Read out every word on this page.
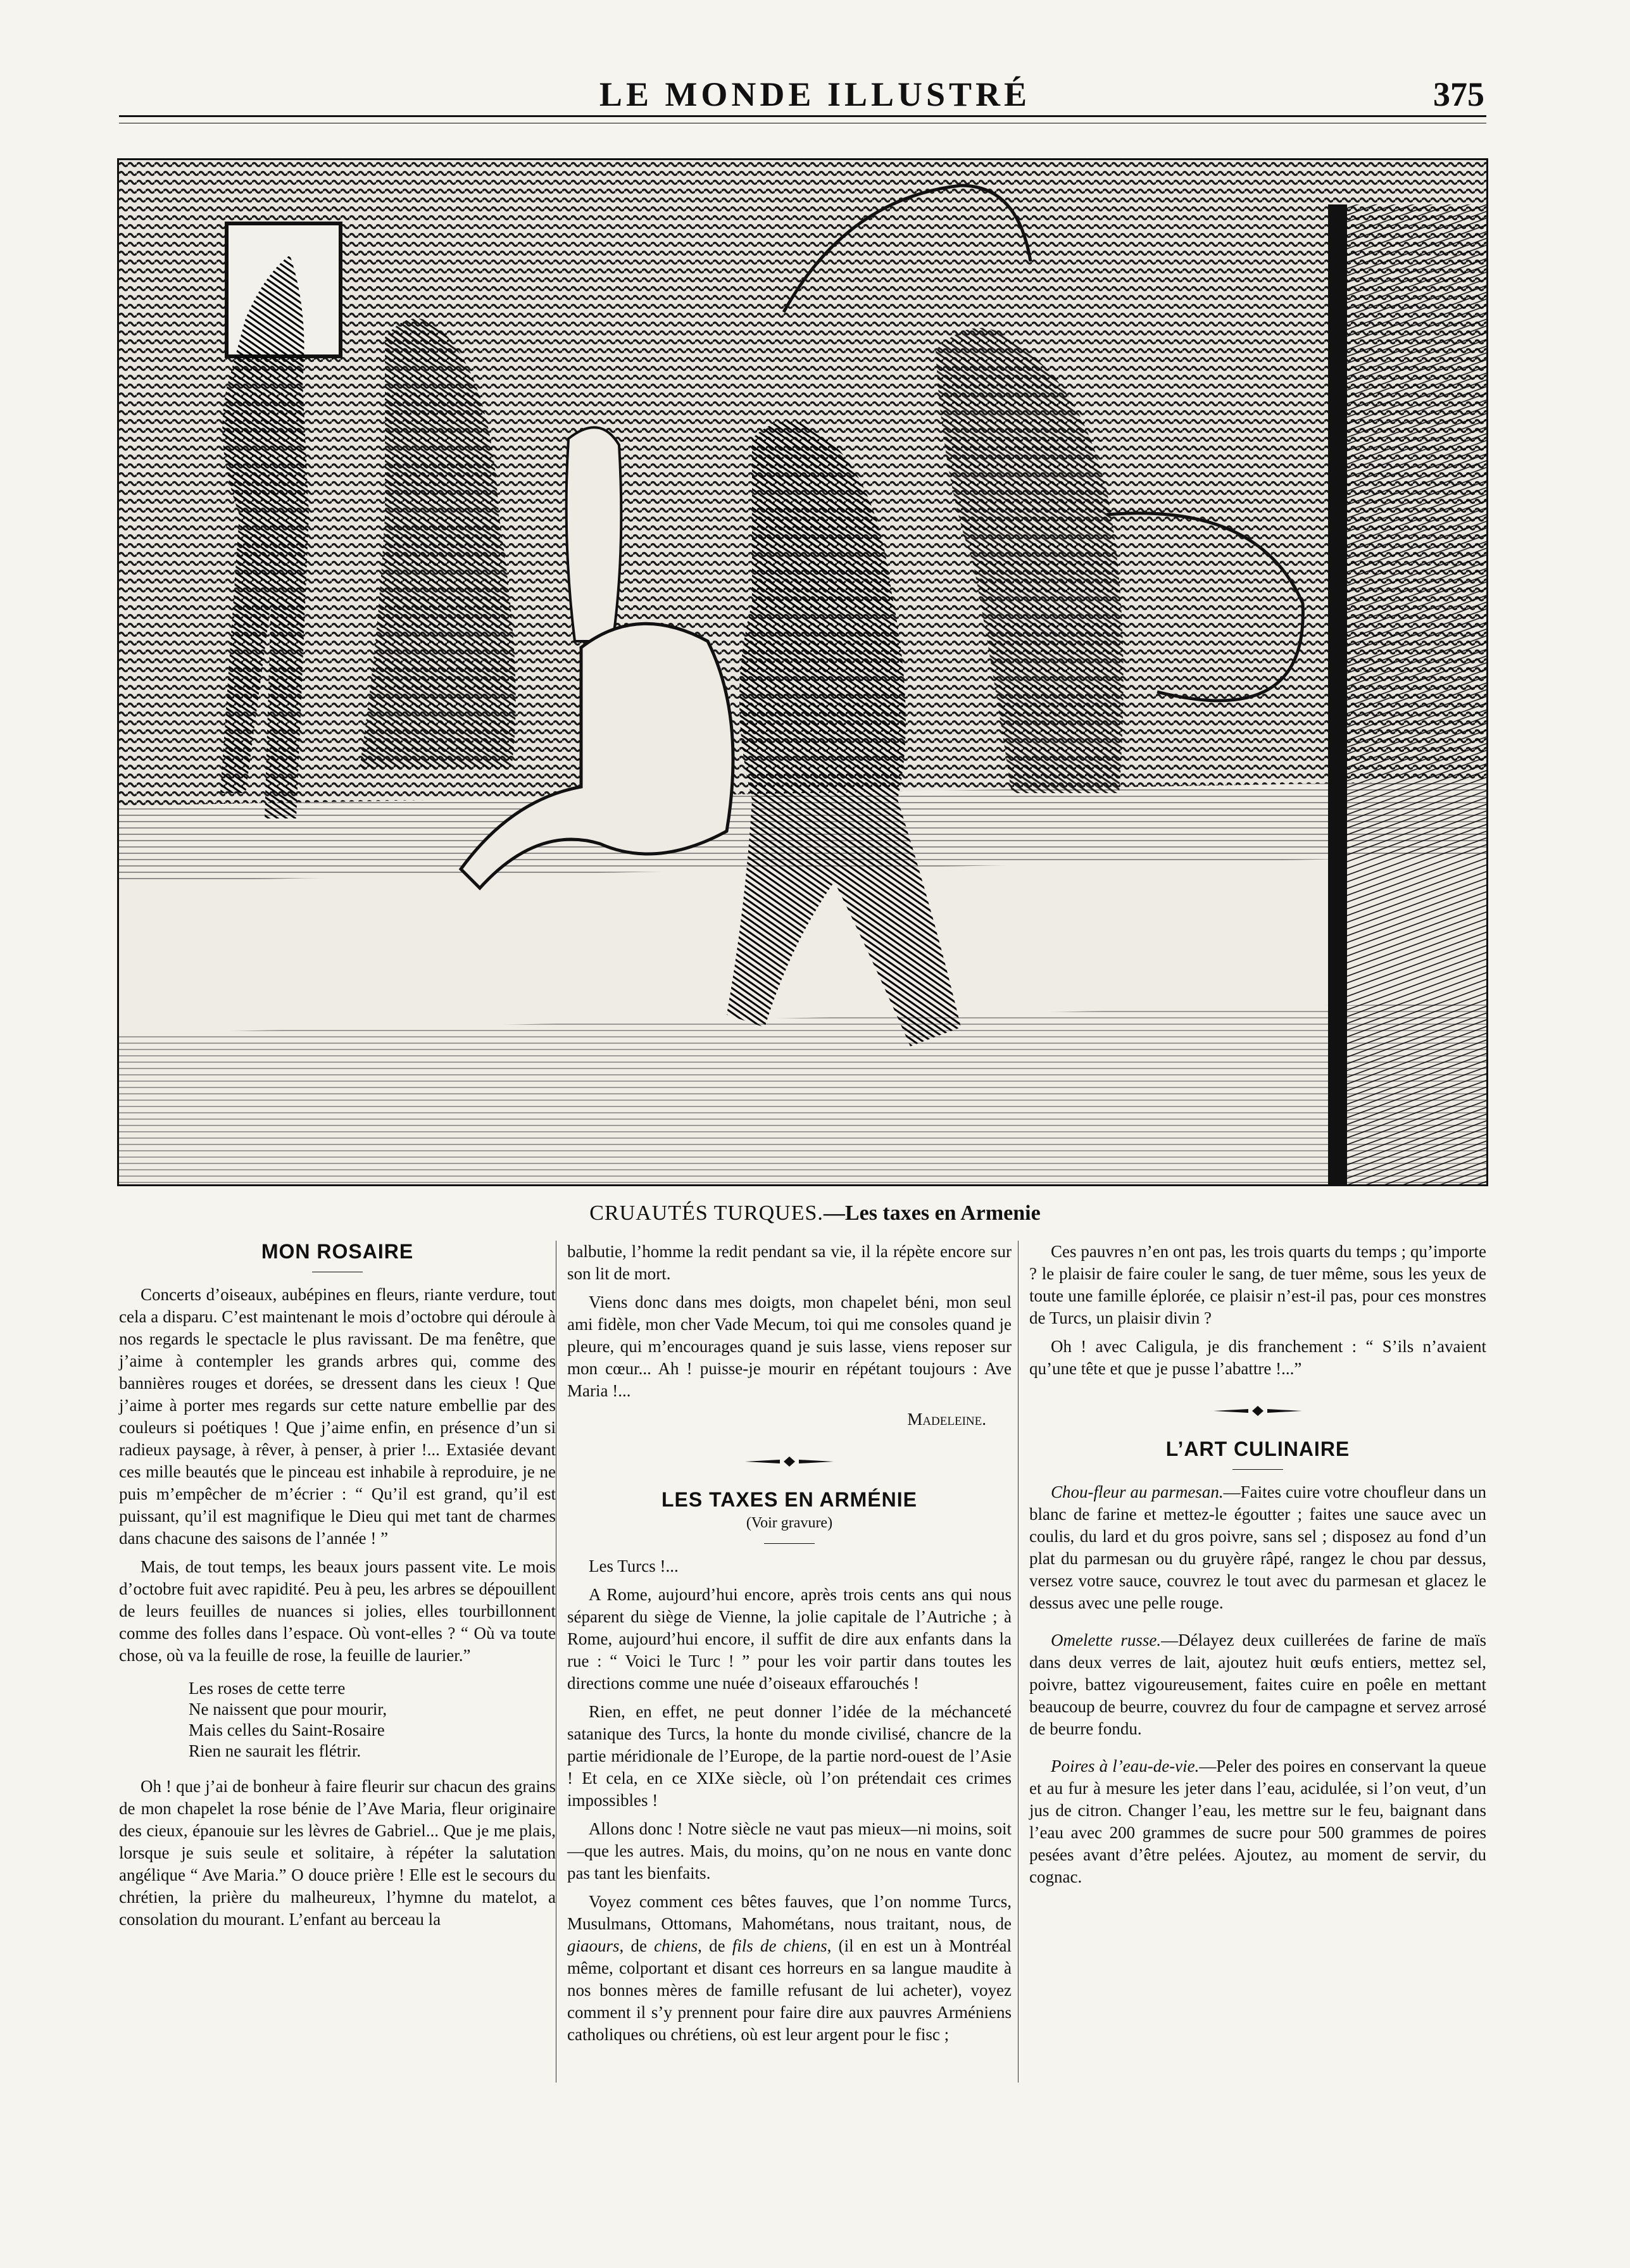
LE MONDE ILLUSTRÉ	375
CRUAUTÉS TURQUES.—Les taxes en Armenie
MON ROSAIRE

Concerts d’oiseaux, aubépines en fleurs, riante verdure, tout cela a disparu. C’est maintenant le mois d’octobre qui déroule à nos regards le spectacle le plus ravissant. De ma fenêtre, que j’aime à contempler les grands arbres qui, comme des bannières rouges et dorées, se dressent dans les cieux ! Que j’aime à porter mes regards sur cette nature embellie par des couleurs si poétiques ! Que j’aime enfin, en présence d’un si radieux paysage, à rêver, à penser, à prier !... Extasiée devant ces mille beautés que le pinceau est inhabile à reproduire, je ne puis m’empêcher de m’écrier : “ Qu’il est grand, qu’il est puissant, qu’il est magnifique le Dieu qui met tant de charmes dans chacune des saisons de l’année ! ”

Mais, de tout temps, les beaux jours passent vite. Le mois d’octobre fuit avec rapidité. Peu à peu, les arbres se dépouillent de leurs feuilles de nuances si jolies, elles tourbillonnent comme des folles dans l’espace. Où vont-elles ? “ Où va toute chose, où va la feuille de rose, la feuille de laurier.”

Les roses de cette terre
Ne naissent que pour mourir,
Mais celles du Saint-Rosaire
Rien ne saurait les flétrir.

Oh ! que j’ai de bonheur à faire fleurir sur chacun des grains de mon chapelet la rose bénie de l’Ave Maria, fleur originaire des cieux, épanouie sur les lèvres de Gabriel... Que je me plais, lorsque je suis seule et solitaire, à répéter la salutation angélique “ Ave Maria.” O douce prière ! Elle est le secours du chrétien, la prière du malheureux, l’hymne du matelot, a consolation du mourant. L’enfant au berceau la

balbutie, l’homme la redit pendant sa vie, il la répète encore sur son lit de mort.

Viens donc dans mes doigts, mon chapelet béni, mon seul ami fidèle, mon cher Vade Mecum, toi qui me consoles quand je pleure, qui m’encourages quand je suis lasse, viens reposer sur mon cœur... Ah ! puisse-je mourir en répétant toujours : Ave Maria !...

Madeleine.

LES TAXES EN ARMÉNIE
(Voir gravure)

Les Turcs !...

A Rome, aujourd’hui encore, après trois cents ans qui nous séparent du siège de Vienne, la jolie capitale de l’Autriche ; à Rome, aujourd’hui encore, il suffit de dire aux enfants dans la rue : “ Voici le Turc ! ” pour les voir partir dans toutes les directions comme une nuée d’oiseaux effarouchés !

Rien, en effet, ne peut donner l’idée de la méchanceté satanique des Turcs, la honte du monde civilisé, chancre de la partie méridionale de l’Europe, de la partie nord-ouest de l’Asie ! Et cela, en ce XIXe siècle, où l’on prétendait ces crimes impossibles !

Allons donc ! Notre siècle ne vaut pas mieux—ni moins, soit—que les autres. Mais, du moins, qu’on ne nous en vante donc pas tant les bienfaits.

Voyez comment ces bêtes fauves, que l’on nomme Turcs, Musulmans, Ottomans, Mahométans, nous traitant, nous, de giaours, de chiens, de fils de chiens, (il en est un à Montréal même, colportant et disant ces horreurs en sa langue maudite à nos bonnes mères de famille refusant de lui acheter), voyez comment il s’y prennent pour faire dire aux pauvres Arméniens catholiques ou chrétiens, où est leur argent pour le fisc ;

Ces pauvres n’en ont pas, les trois quarts du temps ; qu’importe ? le plaisir de faire couler le sang, de tuer même, sous les yeux de toute une famille éplorée, ce plaisir n’est-il pas, pour ces monstres de Turcs, un plaisir divin ?

Oh ! avec Caligula, je dis franchement : “ S’ils n’avaient qu’une tête et que je pusse l’abattre !...”

L’ART CULINAIRE

Chou-fleur au parmesan.—Faites cuire votre choufleur dans un blanc de farine et mettez-le égoutter ; faites une sauce avec un coulis, du lard et du gros poivre, sans sel ; disposez au fond d’un plat du parmesan ou du gruyère râpé, rangez le chou par dessus, versez votre sauce, couvrez le tout avec du parmesan et glacez le dessus avec une pelle rouge.

Omelette russe.—Délayez deux cuillerées de farine de maïs dans deux verres de lait, ajoutez huit œufs entiers, mettez sel, poivre, battez vigoureusement, faites cuire en poêle en mettant beaucoup de beurre, couvrez du four de campagne et servez arrosé de beurre fondu.

Poires à l’eau-de-vie.—Peler des poires en conservant la queue et au fur à mesure les jeter dans l’eau, acidulée, si l’on veut, d’un jus de citron. Changer l’eau, les mettre sur le feu, baignant dans l’eau avec 200 grammes de sucre pour 500 grammes de poires pesées avant d’être pelées. Ajoutez, au moment de servir, du cognac.
